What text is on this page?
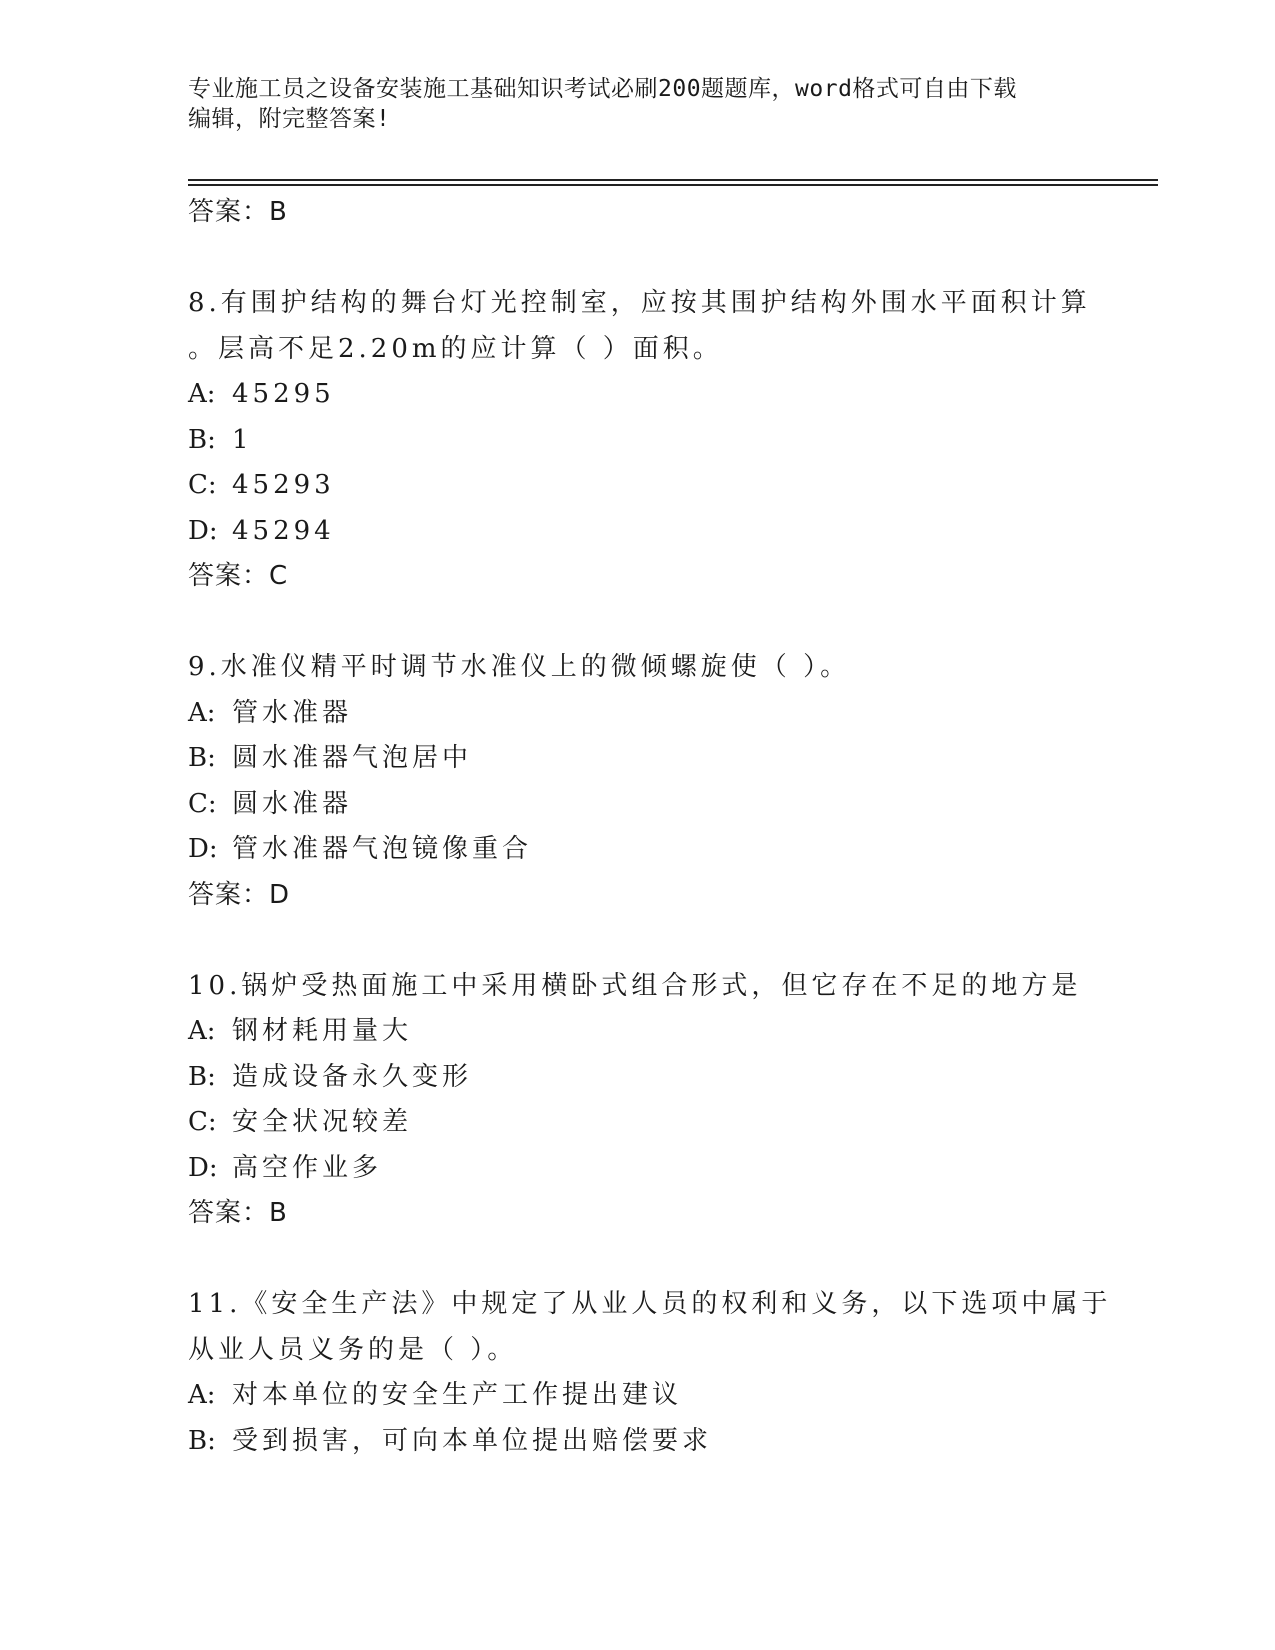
专业施工员之设备安装施工基础知识考试必刷200题题库，word格式可自由下载
编辑，附完整答案!
答案：B
8.有围护结构的舞台灯光控制室，应按其围护结构外围水平面积计算
。层高不足2.20m的应计算（ ）面积。
A: 45295
B: 1
C: 45293
D: 45294
答案：C
9.水准仪精平时调节水准仪上的微倾螺旋使（ ）。
A: 管水准器
B: 圆水准器气泡居中
C: 圆水准器
D: 管水准器气泡镜像重合
答案：D
10.锅炉受热面施工中采用横卧式组合形式，但它存在不足的地方是
A: 钢材耗用量大
B: 造成设备永久变形
C: 安全状况较差
D: 高空作业多
答案：B
11.《安全生产法》中规定了从业人员的权利和义务，以下选项中属于
从业人员义务的是（ ）。
A: 对本单位的安全生产工作提出建议
B: 受到损害，可向本单位提出赔偿要求
